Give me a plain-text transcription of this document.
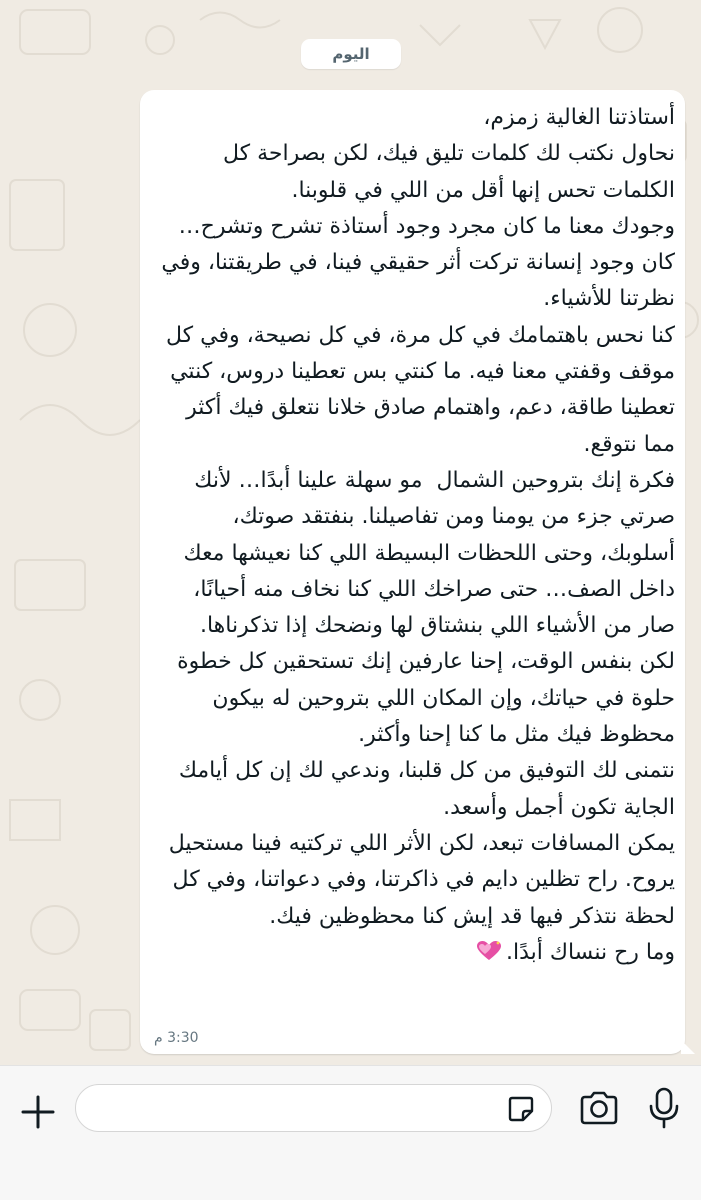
اليوم
أستاذتنا الغالية زمزم،
نحاول نكتب لك كلمات تليق فيك، لكن بصراحة كل الكلمات تحس إنها أقل من اللي في قلوبنا.
وجودك معنا ما كان مجرد وجود أستاذة تشرح وتشرح… كان وجود إنسانة تركت أثر حقيقي فينا، في طريقتنا، وفي نظرتنا للأشياء.
كنا نحس باهتمامك في كل مرة، في كل نصيحة، وفي كل موقف وقفتي معنا فيه. ما كنتي بس تعطينا دروس، كنتي تعطينا طاقة، دعم، واهتمام صادق خلانا نتعلق فيك أكثر مما نتوقع.
فكرة إنك بتروحين الشمال  مو سهلة علينا أبدًا… لأنك صرتي جزء من يومنا ومن تفاصيلنا. بنفتقد صوتك، أسلوبك، وحتى اللحظات البسيطة اللي كنا نعيشها معك داخل الصف… حتى صراخك اللي كنا نخاف منه أحيانًا، صار من الأشياء اللي بنشتاق لها ونضحك إذا تذكرناها.
لكن بنفس الوقت، إحنا عارفين إنك تستحقين كل خطوة حلوة في حياتك، وإن المكان اللي بتروحين له بيكون محظوظ فيك مثل ما كنا إحنا وأكثر.
نتمنى لك التوفيق من كل قلبنا، وندعي لك إن كل أيامك الجاية تكون أجمل وأسعد.
يمكن المسافات تبعد، لكن الأثر اللي تركتيه فينا مستحيل يروح. راح تظلين دايم في ذاكرتنا، وفي دعواتنا، وفي كل لحظة نتذكر فيها قد إيش كنا محظوظين فيك.
وما رح ننساك أبدًا.
3:30 م
